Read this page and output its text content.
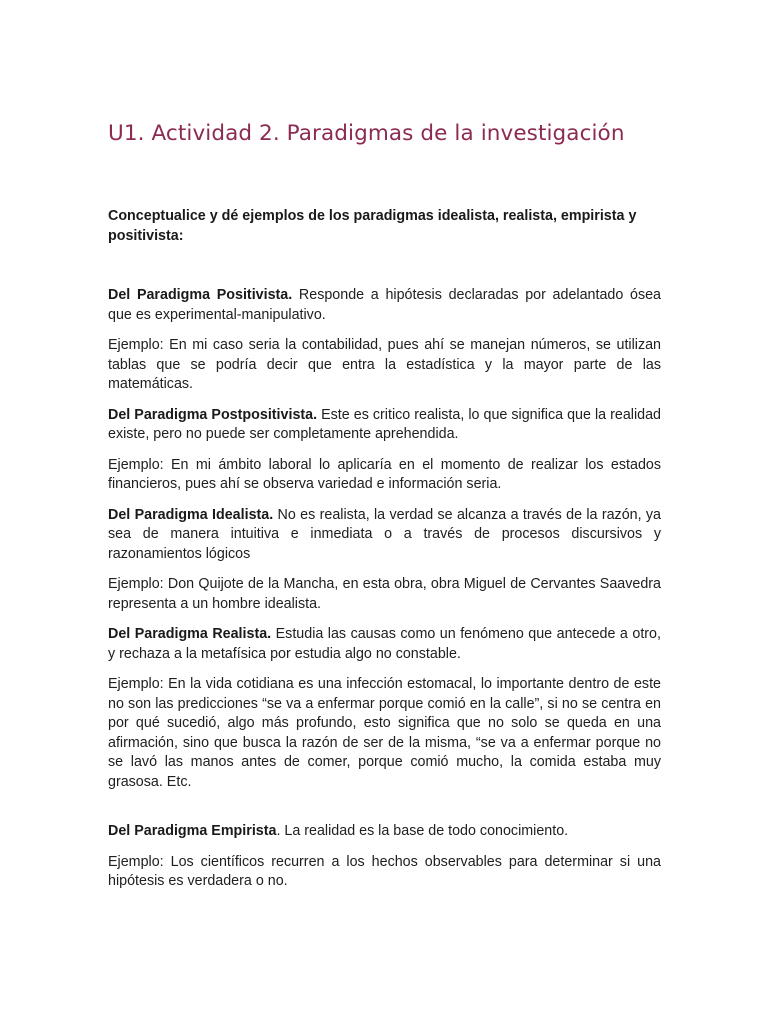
U1. Actividad 2. Paradigmas de la investigación

Conceptualice y dé ejemplos de los paradigmas idealista, realista, empirista y positivista:

Del Paradigma Positivista. Responde a hipótesis declaradas por adelantado ósea que es experimental-manipulativo.

Ejemplo: En mi caso seria la contabilidad, pues ahí se manejan números, se utilizan tablas que se podría decir que entra la estadística y la mayor parte de las matemáticas.

Del Paradigma Postpositivista. Este es critico realista, lo que significa que la realidad existe, pero no puede ser completamente aprehendida.

Ejemplo: En mi ámbito laboral lo aplicaría en el momento de realizar los estados financieros, pues ahí se observa variedad e información seria.

Del Paradigma Idealista. No es realista, la verdad se alcanza a través de la razón, ya sea de manera intuitiva e inmediata o a través de procesos discursivos y razonamientos lógicos

Ejemplo: Don Quijote de la Mancha, en esta obra, obra Miguel de Cervantes Saavedra representa a un hombre idealista.

Del Paradigma Realista. Estudia las causas como un fenómeno que antecede a otro, y rechaza a la metafísica por estudia algo no constable.

Ejemplo: En la vida cotidiana es una infección estomacal, lo importante dentro de este no son las predicciones “se va a enfermar porque comió en la calle”, si no se centra en por qué sucedió, algo más profundo, esto significa que no solo se queda en una afirmación, sino que busca la razón de ser de la misma, “se va a enfermar porque no se lavó las manos antes de comer, porque comió mucho, la comida estaba muy grasosa. Etc.

Del Paradigma Empirista. La realidad es la base de todo conocimiento.

Ejemplo: Los científicos recurren a los hechos observables para determinar si una hipótesis es verdadera o no.
